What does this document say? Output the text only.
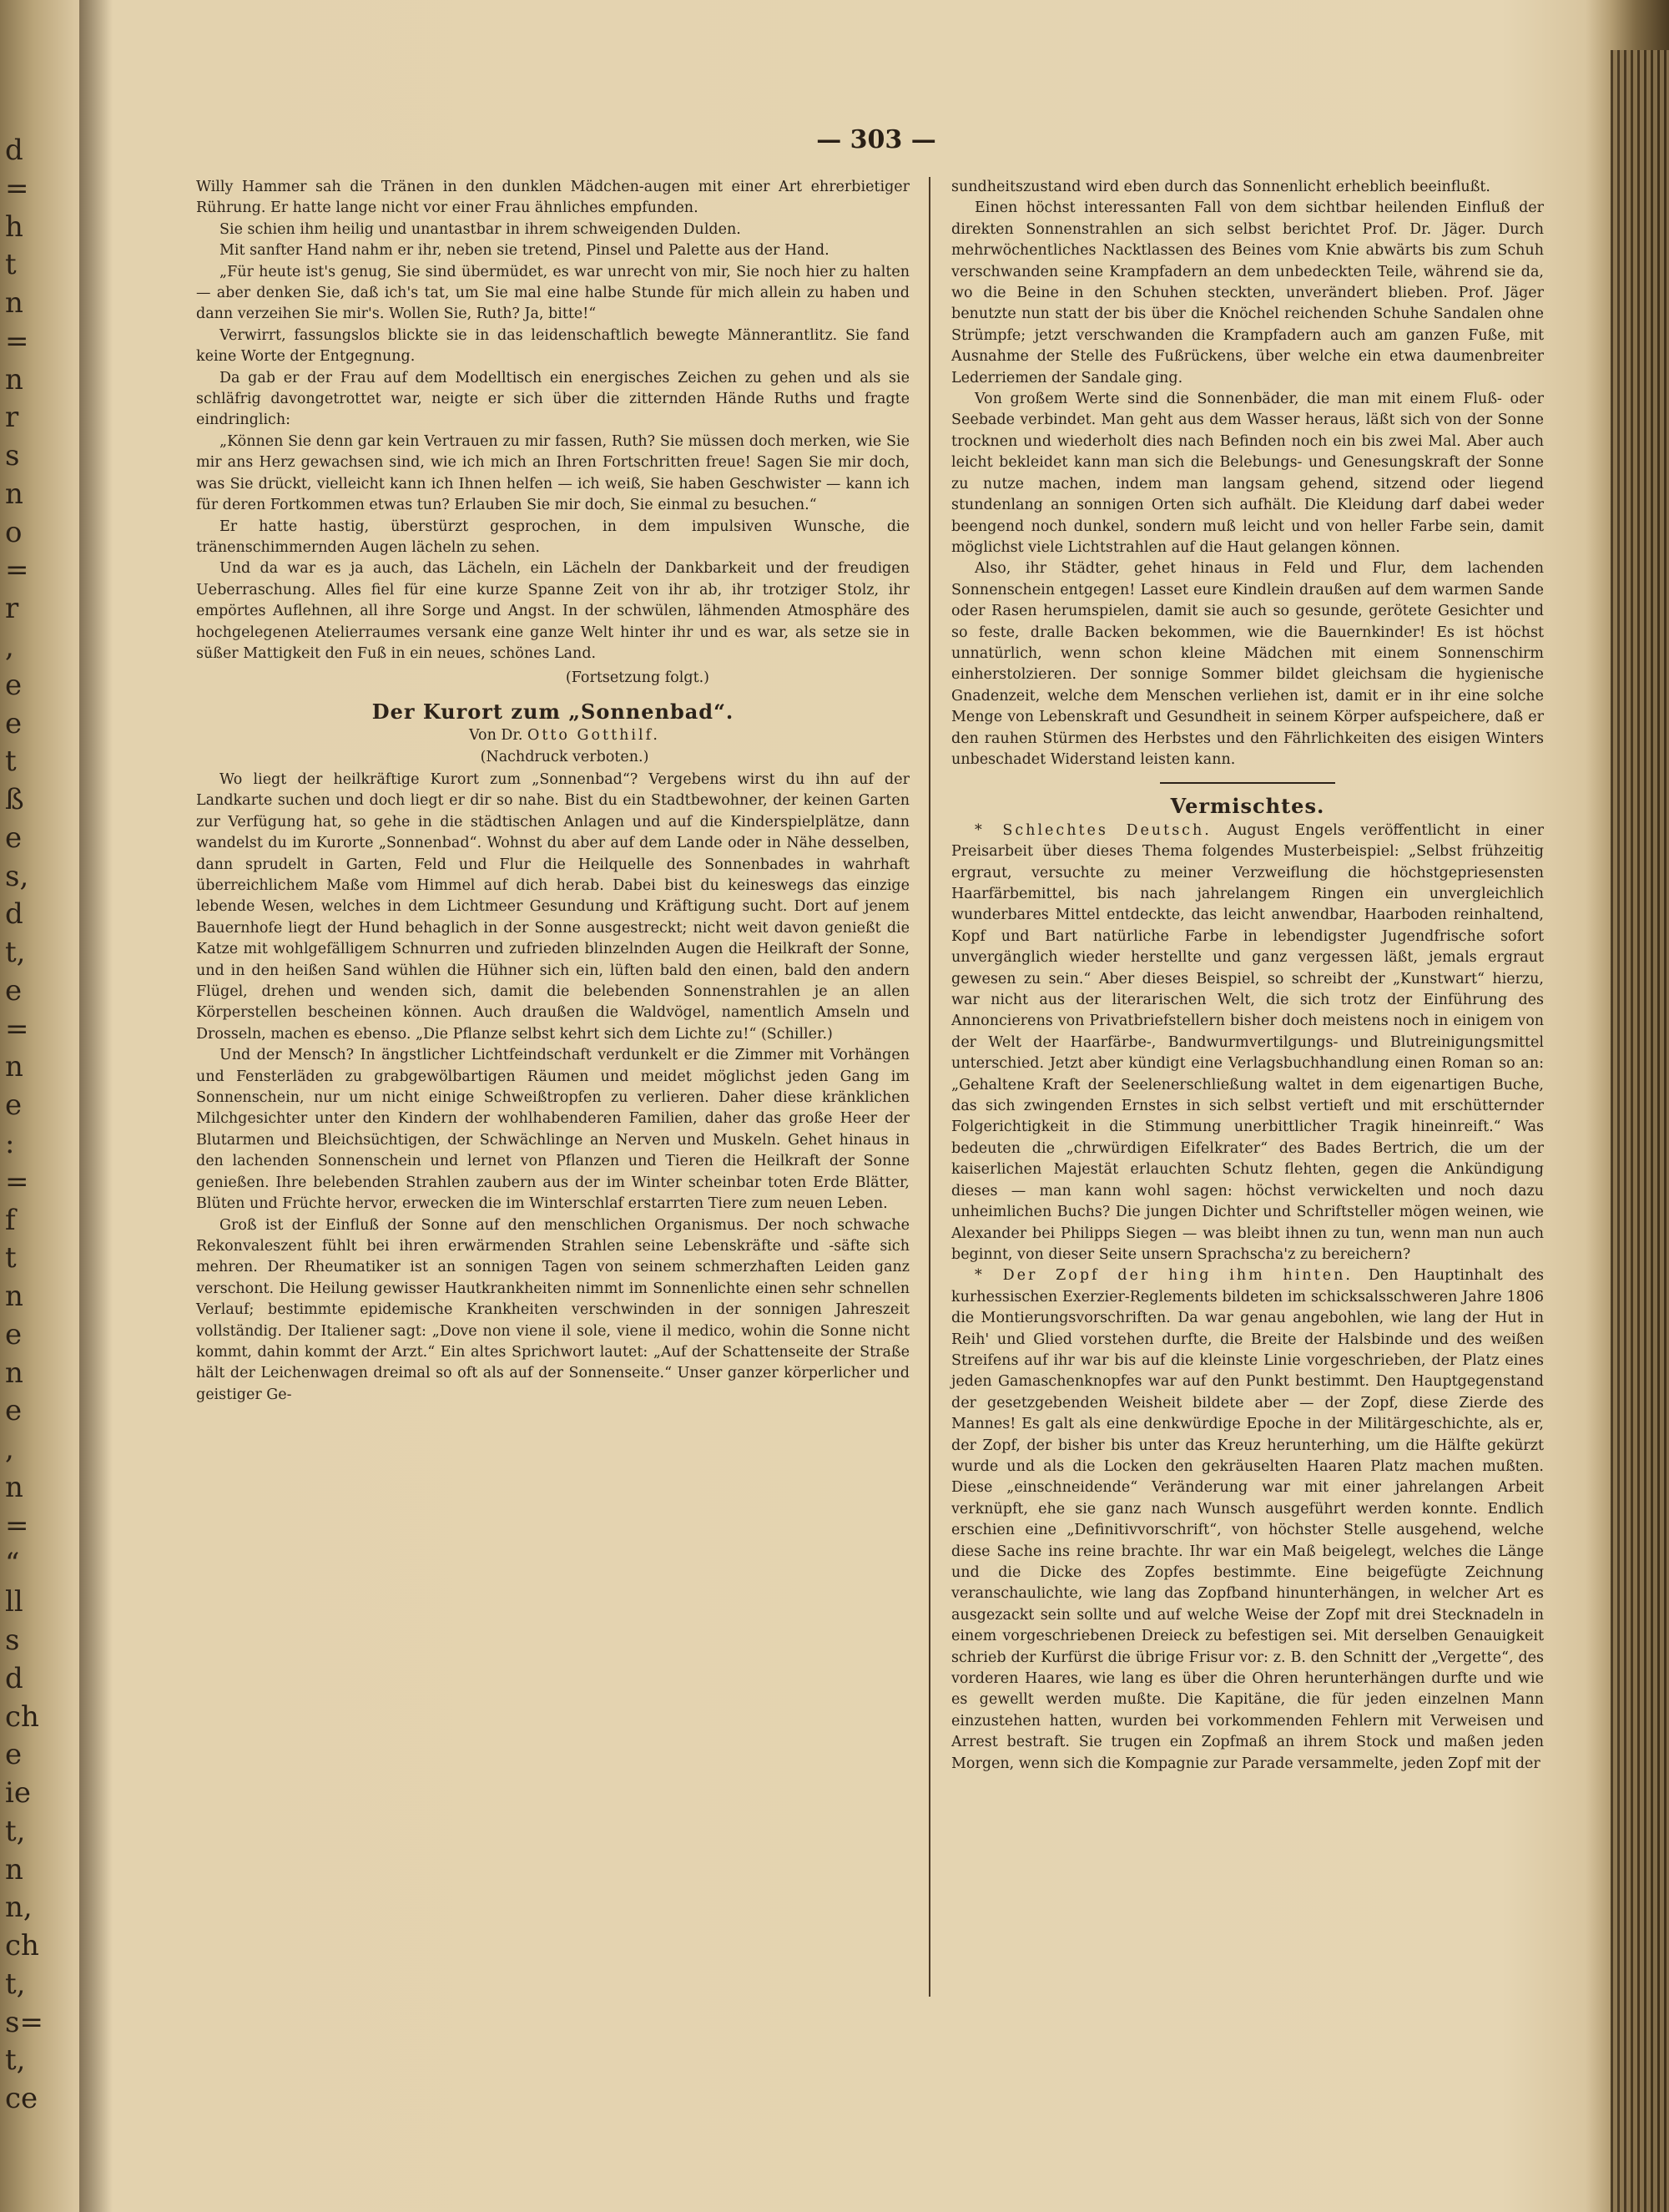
d
=
h
t
n
=
n
r
s
n
o
=
r
,
e
e
t
ß
e
s,
d
t,
e
=
n
e
:
=
f
t
n
e
n
e
,
n
=
“
ll
s
d
ch
e
ie
t,
n
n,
ch
t,
s=
t,
ce
— 303 —

Willy Hammer sah die Tränen in den dunklen Mädchen-augen mit einer Art ehrerbietiger Rührung. Er hatte lange nicht vor einer Frau ähnliches empfunden.

Sie schien ihm heilig und unantastbar in ihrem schweigenden Dulden.

Mit sanfter Hand nahm er ihr, neben sie tretend, Pinsel und Palette aus der Hand.

„Für heute ist's genug, Sie sind übermüdet, es war unrecht von mir, Sie noch hier zu halten — aber denken Sie, daß ich's tat, um Sie mal eine halbe Stunde für mich allein zu haben und dann verzeihen Sie mir's. Wollen Sie, Ruth? Ja, bitte!“

Verwirrt, fassungslos blickte sie in das leidenschaftlich bewegte Männerantlitz. Sie fand keine Worte der Entgegnung.

Da gab er der Frau auf dem Modelltisch ein energisches Zeichen zu gehen und als sie schläfrig davongetrottet war, neigte er sich über die zitternden Hände Ruths und fragte eindringlich:

„Können Sie denn gar kein Vertrauen zu mir fassen, Ruth? Sie müssen doch merken, wie Sie mir ans Herz gewachsen sind, wie ich mich an Ihren Fortschritten freue! Sagen Sie mir doch, was Sie drückt, vielleicht kann ich Ihnen helfen — ich weiß, Sie haben Geschwister — kann ich für deren Fortkommen etwas tun? Erlauben Sie mir doch, Sie einmal zu besuchen.“

Er hatte hastig, überstürzt gesprochen, in dem impulsiven Wunsche, die tränenschimmernden Augen lächeln zu sehen.

Und da war es ja auch, das Lächeln, ein Lächeln der Dankbarkeit und der freudigen Ueberraschung. Alles fiel für eine kurze Spanne Zeit von ihr ab, ihr trotziger Stolz, ihr empörtes Auflehnen, all ihre Sorge und Angst. In der schwülen, lähmenden Atmosphäre des hochgelegenen Atelierraumes versank eine ganze Welt hinter ihr und es war, als setze sie in süßer Mattigkeit den Fuß in ein neues, schönes Land.

(Fortsetzung folgt.)

Der Kurort zum „Sonnenbad“.

Von Dr. Otto Gotthilf.

(Nachdruck verboten.)

Wo liegt der heilkräftige Kurort zum „Sonnenbad“? Vergebens wirst du ihn auf der Landkarte suchen und doch liegt er dir so nahe. Bist du ein Stadtbewohner, der keinen Garten zur Verfügung hat, so gehe in die städtischen Anlagen und auf die Kinderspielplätze, dann wandelst du im Kurorte „Sonnenbad“. Wohnst du aber auf dem Lande oder in Nähe desselben, dann sprudelt in Garten, Feld und Flur die Heilquelle des Sonnenbades in wahrhaft überreichlichem Maße vom Himmel auf dich herab. Dabei bist du keineswegs das einzige lebende Wesen, welches in dem Lichtmeer Gesundung und Kräftigung sucht. Dort auf jenem Bauernhofe liegt der Hund behaglich in der Sonne ausgestreckt; nicht weit davon genießt die Katze mit wohlgefälligem Schnurren und zufrieden blinzelnden Augen die Heilkraft der Sonne, und in den heißen Sand wühlen die Hühner sich ein, lüften bald den einen, bald den andern Flügel, drehen und wenden sich, damit die belebenden Sonnenstrahlen je an allen Körperstellen bescheinen können. Auch draußen die Waldvögel, namentlich Amseln und Drosseln, machen es ebenso. „Die Pflanze selbst kehrt sich dem Lichte zu!“ (Schiller.)

Und der Mensch? In ängstlicher Lichtfeindschaft verdunkelt er die Zimmer mit Vorhängen und Fensterläden zu grabgewölbartigen Räumen und meidet möglichst jeden Gang im Sonnenschein, nur um nicht einige Schweißtropfen zu verlieren. Daher diese kränklichen Milchgesichter unter den Kindern der wohlhabenderen Familien, daher das große Heer der Blutarmen und Bleichsüchtigen, der Schwächlinge an Nerven und Muskeln. Gehet hinaus in den lachenden Sonnenschein und lernet von Pflanzen und Tieren die Heilkraft der Sonne genießen. Ihre belebenden Strahlen zaubern aus der im Winter scheinbar toten Erde Blätter, Blüten und Früchte hervor, erwecken die im Winterschlaf erstarrten Tiere zum neuen Leben.

Groß ist der Einfluß der Sonne auf den menschlichen Organismus. Der noch schwache Rekonvaleszent fühlt bei ihren erwärmenden Strahlen seine Lebenskräfte und -säfte sich mehren. Der Rheumatiker ist an sonnigen Tagen von seinem schmerzhaften Leiden ganz verschont. Die Heilung gewisser Hautkrankheiten nimmt im Sonnenlichte einen sehr schnellen Verlauf; bestimmte epidemische Krankheiten verschwinden in der sonnigen Jahreszeit vollständig. Der Italiener sagt: „Dove non viene il sole, viene il medico, wohin die Sonne nicht kommt, dahin kommt der Arzt.“ Ein altes Sprichwort lautet: „Auf der Schattenseite der Straße hält der Leichenwagen dreimal so oft als auf der Sonnenseite.“ Unser ganzer körperlicher und geistiger Ge-

sundheitszustand wird eben durch das Sonnenlicht erheblich beeinflußt.

Einen höchst interessanten Fall von dem sichtbar heilenden Einfluß der direkten Sonnenstrahlen an sich selbst berichtet Prof. Dr. Jäger. Durch mehrwöchentliches Nacktlassen des Beines vom Knie abwärts bis zum Schuh verschwanden seine Krampfadern an dem unbedeckten Teile, während sie da, wo die Beine in den Schuhen steckten, unverändert blieben. Prof. Jäger benutzte nun statt der bis über die Knöchel reichenden Schuhe Sandalen ohne Strümpfe; jetzt verschwanden die Krampfadern auch am ganzen Fuße, mit Ausnahme der Stelle des Fußrückens, über welche ein etwa daumenbreiter Lederriemen der Sandale ging.

Von großem Werte sind die Sonnenbäder, die man mit einem Fluß- oder Seebade verbindet. Man geht aus dem Wasser heraus, läßt sich von der Sonne trocknen und wiederholt dies nach Befinden noch ein bis zwei Mal. Aber auch leicht bekleidet kann man sich die Belebungs- und Genesungskraft der Sonne zu nutze machen, indem man langsam gehend, sitzend oder liegend stundenlang an sonnigen Orten sich aufhält. Die Kleidung darf dabei weder beengend noch dunkel, sondern muß leicht und von heller Farbe sein, damit möglichst viele Lichtstrahlen auf die Haut gelangen können.

Also, ihr Städter, gehet hinaus in Feld und Flur, dem lachenden Sonnenschein entgegen! Lasset eure Kindlein draußen auf dem warmen Sande oder Rasen herumspielen, damit sie auch so gesunde, gerötete Gesichter und so feste, dralle Backen bekommen, wie die Bauernkinder! Es ist höchst unnatürlich, wenn schon kleine Mädchen mit einem Sonnenschirm einherstolzieren. Der sonnige Sommer bildet gleichsam die hygienische Gnadenzeit, welche dem Menschen verliehen ist, damit er in ihr eine solche Menge von Lebenskraft und Gesundheit in seinem Körper aufspeichere, daß er den rauhen Stürmen des Herbstes und den Fährlichkeiten des eisigen Winters unbeschadet Widerstand leisten kann.

Vermischtes.

* Schlechtes Deutsch. August Engels veröffentlicht in einer Preisarbeit über dieses Thema folgendes Musterbeispiel: „Selbst frühzeitig ergraut, versuchte zu meiner Verzweiflung die höchstgepriesensten Haarfärbemittel, bis nach jahrelangem Ringen ein unvergleichlich wunderbares Mittel entdeckte, das leicht anwendbar, Haarboden reinhaltend, Kopf und Bart natürliche Farbe in lebendigster Jugendfrische sofort unvergänglich wieder herstellte und ganz vergessen läßt, jemals ergraut gewesen zu sein.“ Aber dieses Beispiel, so schreibt der „Kunstwart“ hierzu, war nicht aus der literarischen Welt, die sich trotz der Einführung des Annoncierens von Privatbriefstellern bisher doch meistens noch in einigem von der Welt der Haarfärbe-, Bandwurmvertilgungs- und Blutreinigungsmittel unterschied. Jetzt aber kündigt eine Verlagsbuchhandlung einen Roman so an: „Gehaltene Kraft der Seelenerschließung waltet in dem eigenartigen Buche, das sich zwingenden Ernstes in sich selbst vertieft und mit erschütternder Folgerichtigkeit in die Stimmung unerbittlicher Tragik hineinreift.“ Was bedeuten die „chrwürdigen Eifelkrater“ des Bades Bertrich, die um der kaiserlichen Majestät erlauchten Schutz flehten, gegen die Ankündigung dieses — man kann wohl sagen: höchst verwickelten und noch dazu unheimlichen Buchs? Die jungen Dichter und Schriftsteller mögen weinen, wie Alexander bei Philipps Siegen — was bleibt ihnen zu tun, wenn man nun auch beginnt, von dieser Seite unsern Sprachscha'z zu bereichern?

* Der Zopf der hing ihm hinten. Den Hauptinhalt des kurhessischen Exerzier-Reglements bildeten im schicksalsschweren Jahre 1806 die Montierungsvorschriften. Da war genau angebohlen, wie lang der Hut in Reih' und Glied vorstehen durfte, die Breite der Halsbinde und des weißen Streifens auf ihr war bis auf die kleinste Linie vorgeschrieben, der Platz eines jeden Gamaschenknopfes war auf den Punkt bestimmt. Den Hauptgegenstand der gesetzgebenden Weisheit bildete aber — der Zopf, diese Zierde des Mannes! Es galt als eine denkwürdige Epoche in der Militärgeschichte, als er, der Zopf, der bisher bis unter das Kreuz herunterhing, um die Hälfte gekürzt wurde und als die Locken den gekräuselten Haaren Platz machen mußten. Diese „einschneidende“ Veränderung war mit einer jahrelangen Arbeit verknüpft, ehe sie ganz nach Wunsch ausgeführt werden konnte. Endlich erschien eine „Definitivvorschrift“, von höchster Stelle ausgehend, welche diese Sache ins reine brachte. Ihr war ein Maß beigelegt, welches die Länge und die Dicke des Zopfes bestimmte. Eine beigefügte Zeichnung veranschaulichte, wie lang das Zopfband hinunterhängen, in welcher Art es ausgezackt sein sollte und auf welche Weise der Zopf mit drei Stecknadeln in einem vorgeschriebenen Dreieck zu befestigen sei. Mit derselben Genauigkeit schrieb der Kurfürst die übrige Frisur vor: z. B. den Schnitt der „Vergette“, des vorderen Haares, wie lang es über die Ohren herunterhängen durfte und wie es gewellt werden mußte. Die Kapitäne, die für jeden einzelnen Mann einzustehen hatten, wurden bei vorkommenden Fehlern mit Verweisen und Arrest bestraft. Sie trugen ein Zopfmaß an ihrem Stock und maßen jeden Morgen, wenn sich die Kompagnie zur Parade versammelte, jeden Zopf mit der
